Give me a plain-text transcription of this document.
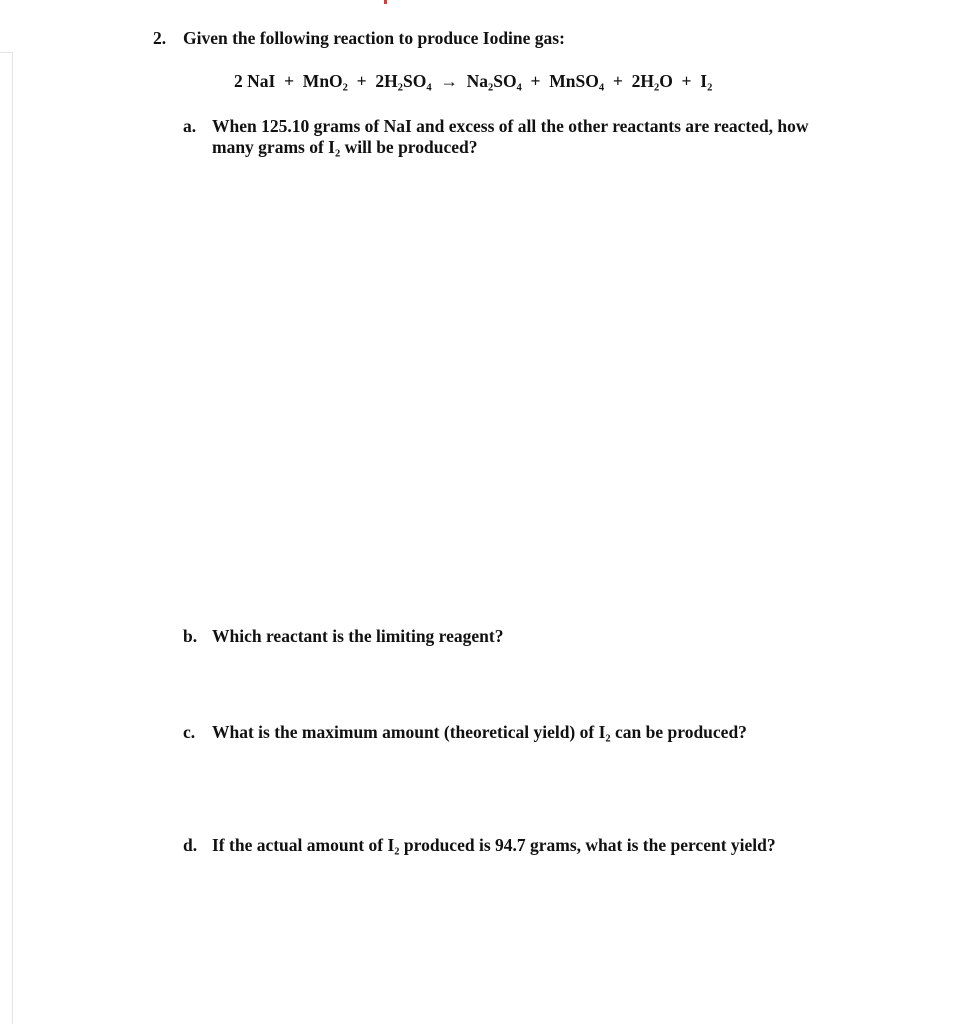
2. Given the following reaction to produce Iodine gas:
2 NaI  +  MnO₂  +  2H₂SO₄  →  Na₂SO₄  +  MnSO₄  +  2H₂O  +  I₂
a. When 125.10 grams of NaI and excess of all the other reactants are reacted, how
many grams of I₂ will be produced?
b. Which reactant is the limiting reagent?
c. What is the maximum amount (theoretical yield) of I₂ can be produced?
d. If the actual amount of I₂ produced is 94.7 grams, what is the percent yield?
